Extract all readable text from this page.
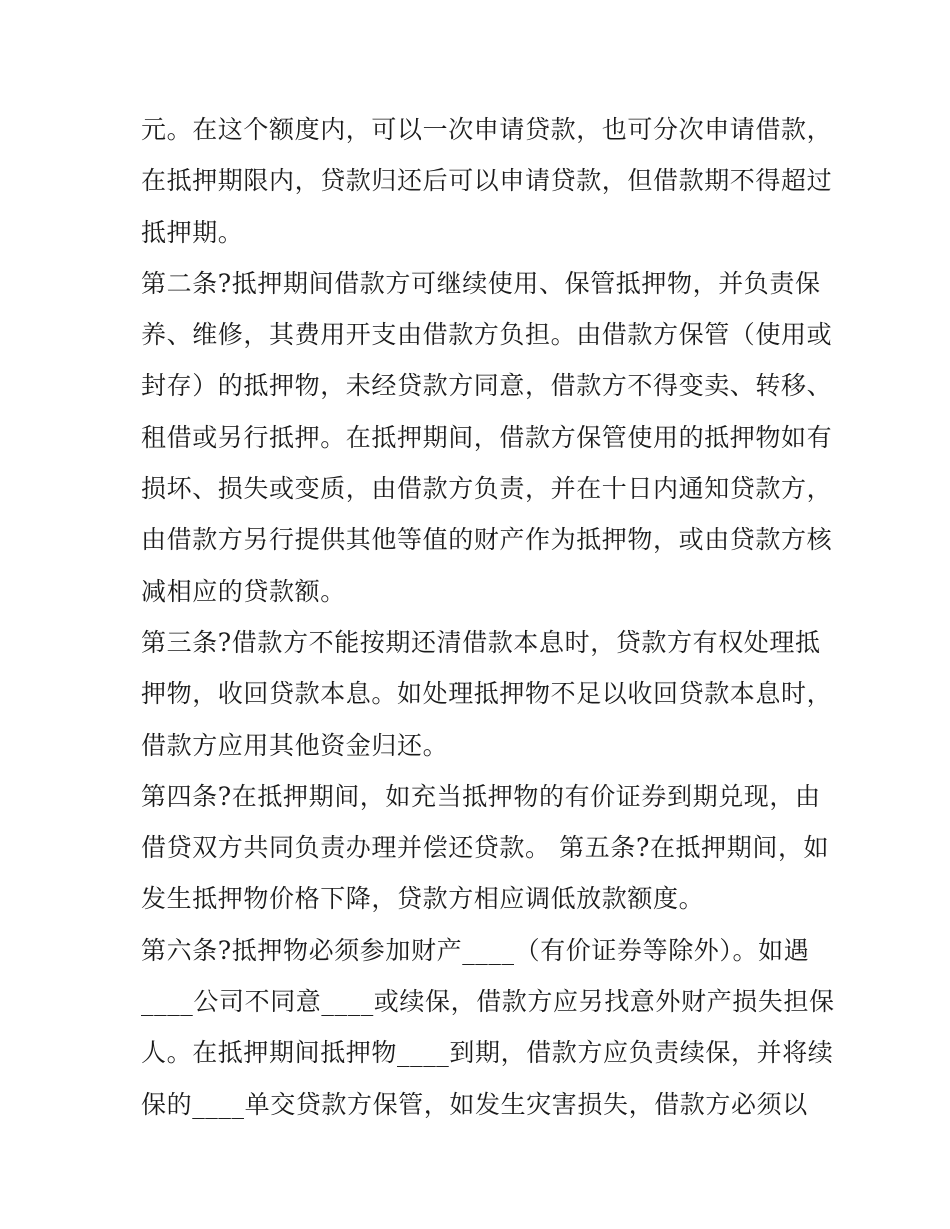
元。在这个额度内，可以一次申请贷款，也可分次申请借款，
在抵押期限内，贷款归还后可以申请贷款，但借款期不得超过
抵押期。
第二条?抵押期间借款方可继续使用、保管抵押物，并负责保
养、维修，其费用开支由借款方负担。由借款方保管（使用或
封存）的抵押物，未经贷款方同意，借款方不得变卖、转移、
租借或另行抵押。在抵押期间，借款方保管使用的抵押物如有
损坏、损失或变质，由借款方负责，并在十日内通知贷款方，
由借款方另行提供其他等值的财产作为抵押物，或由贷款方核
减相应的贷款额。
第三条?借款方不能按期还清借款本息时，贷款方有权处理抵
押物，收回贷款本息。如处理抵押物不足以收回贷款本息时，
借款方应用其他资金归还。
第四条?在抵押期间，如充当抵押物的有价证券到期兑现，由
借贷双方共同负责办理并偿还贷款。 第五条?在抵押期间，如
发生抵押物价格下降，贷款方相应调低放款额度。
第六条?抵押物必须参加财产____（有价证券等除外）。如遇
____公司不同意____或续保，借款方应另找意外财产损失担保
人。在抵押期间抵押物____到期，借款方应负责续保，并将续
保的____单交贷款方保管，如发生灾害损失，借款方必须以
